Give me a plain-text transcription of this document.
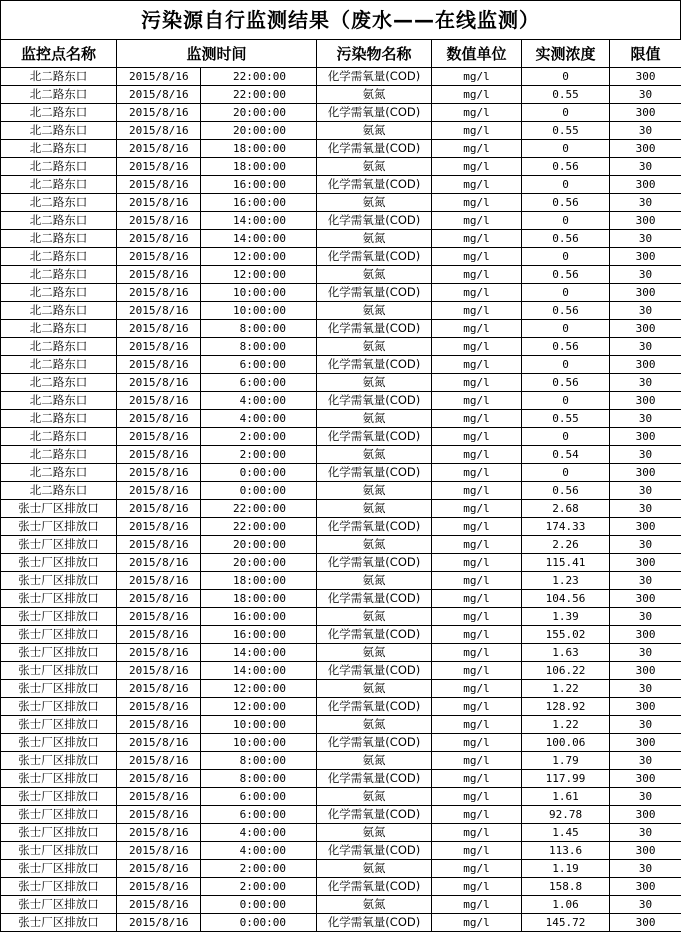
污染源自行监测结果（废水——在线监测）
监控点名称	监测时间		污染物名称	数值单位	实测浓度	限值
北二路东口	2015/8/16	22:00:00	化学需氧量(COD)	mg/l	0	300
北二路东口	2015/8/16	22:00:00	氨氮	mg/l	0.55	30
北二路东口	2015/8/16	20:00:00	化学需氧量(COD)	mg/l	0	300
北二路东口	2015/8/16	20:00:00	氨氮	mg/l	0.55	30
北二路东口	2015/8/16	18:00:00	化学需氧量(COD)	mg/l	0	300
北二路东口	2015/8/16	18:00:00	氨氮	mg/l	0.56	30
北二路东口	2015/8/16	16:00:00	化学需氧量(COD)	mg/l	0	300
北二路东口	2015/8/16	16:00:00	氨氮	mg/l	0.56	30
北二路东口	2015/8/16	14:00:00	化学需氧量(COD)	mg/l	0	300
北二路东口	2015/8/16	14:00:00	氨氮	mg/l	0.56	30
北二路东口	2015/8/16	12:00:00	化学需氧量(COD)	mg/l	0	300
北二路东口	2015/8/16	12:00:00	氨氮	mg/l	0.56	30
北二路东口	2015/8/16	10:00:00	化学需氧量(COD)	mg/l	0	300
北二路东口	2015/8/16	10:00:00	氨氮	mg/l	0.56	30
北二路东口	2015/8/16	8:00:00	化学需氧量(COD)	mg/l	0	300
北二路东口	2015/8/16	8:00:00	氨氮	mg/l	0.56	30
北二路东口	2015/8/16	6:00:00	化学需氧量(COD)	mg/l	0	300
北二路东口	2015/8/16	6:00:00	氨氮	mg/l	0.56	30
北二路东口	2015/8/16	4:00:00	化学需氧量(COD)	mg/l	0	300
北二路东口	2015/8/16	4:00:00	氨氮	mg/l	0.55	30
北二路东口	2015/8/16	2:00:00	化学需氧量(COD)	mg/l	0	300
北二路东口	2015/8/16	2:00:00	氨氮	mg/l	0.54	30
北二路东口	2015/8/16	0:00:00	化学需氧量(COD)	mg/l	0	300
北二路东口	2015/8/16	0:00:00	氨氮	mg/l	0.56	30
张士厂区排放口	2015/8/16	22:00:00	氨氮	mg/l	2.68	30
张士厂区排放口	2015/8/16	22:00:00	化学需氧量(COD)	mg/l	174.33	300
张士厂区排放口	2015/8/16	20:00:00	氨氮	mg/l	2.26	30
张士厂区排放口	2015/8/16	20:00:00	化学需氧量(COD)	mg/l	115.41	300
张士厂区排放口	2015/8/16	18:00:00	氨氮	mg/l	1.23	30
张士厂区排放口	2015/8/16	18:00:00	化学需氧量(COD)	mg/l	104.56	300
张士厂区排放口	2015/8/16	16:00:00	氨氮	mg/l	1.39	30
张士厂区排放口	2015/8/16	16:00:00	化学需氧量(COD)	mg/l	155.02	300
张士厂区排放口	2015/8/16	14:00:00	氨氮	mg/l	1.63	30
张士厂区排放口	2015/8/16	14:00:00	化学需氧量(COD)	mg/l	106.22	300
张士厂区排放口	2015/8/16	12:00:00	氨氮	mg/l	1.22	30
张士厂区排放口	2015/8/16	12:00:00	化学需氧量(COD)	mg/l	128.92	300
张士厂区排放口	2015/8/16	10:00:00	氨氮	mg/l	1.22	30
张士厂区排放口	2015/8/16	10:00:00	化学需氧量(COD)	mg/l	100.06	300
张士厂区排放口	2015/8/16	8:00:00	氨氮	mg/l	1.79	30
张士厂区排放口	2015/8/16	8:00:00	化学需氧量(COD)	mg/l	117.99	300
张士厂区排放口	2015/8/16	6:00:00	氨氮	mg/l	1.61	30
张士厂区排放口	2015/8/16	6:00:00	化学需氧量(COD)	mg/l	92.78	300
张士厂区排放口	2015/8/16	4:00:00	氨氮	mg/l	1.45	30
张士厂区排放口	2015/8/16	4:00:00	化学需氧量(COD)	mg/l	113.6	300
张士厂区排放口	2015/8/16	2:00:00	氨氮	mg/l	1.19	30
张士厂区排放口	2015/8/16	2:00:00	化学需氧量(COD)	mg/l	158.8	300
张士厂区排放口	2015/8/16	0:00:00	氨氮	mg/l	1.06	30
张士厂区排放口	2015/8/16	0:00:00	化学需氧量(COD)	mg/l	145.72	300
